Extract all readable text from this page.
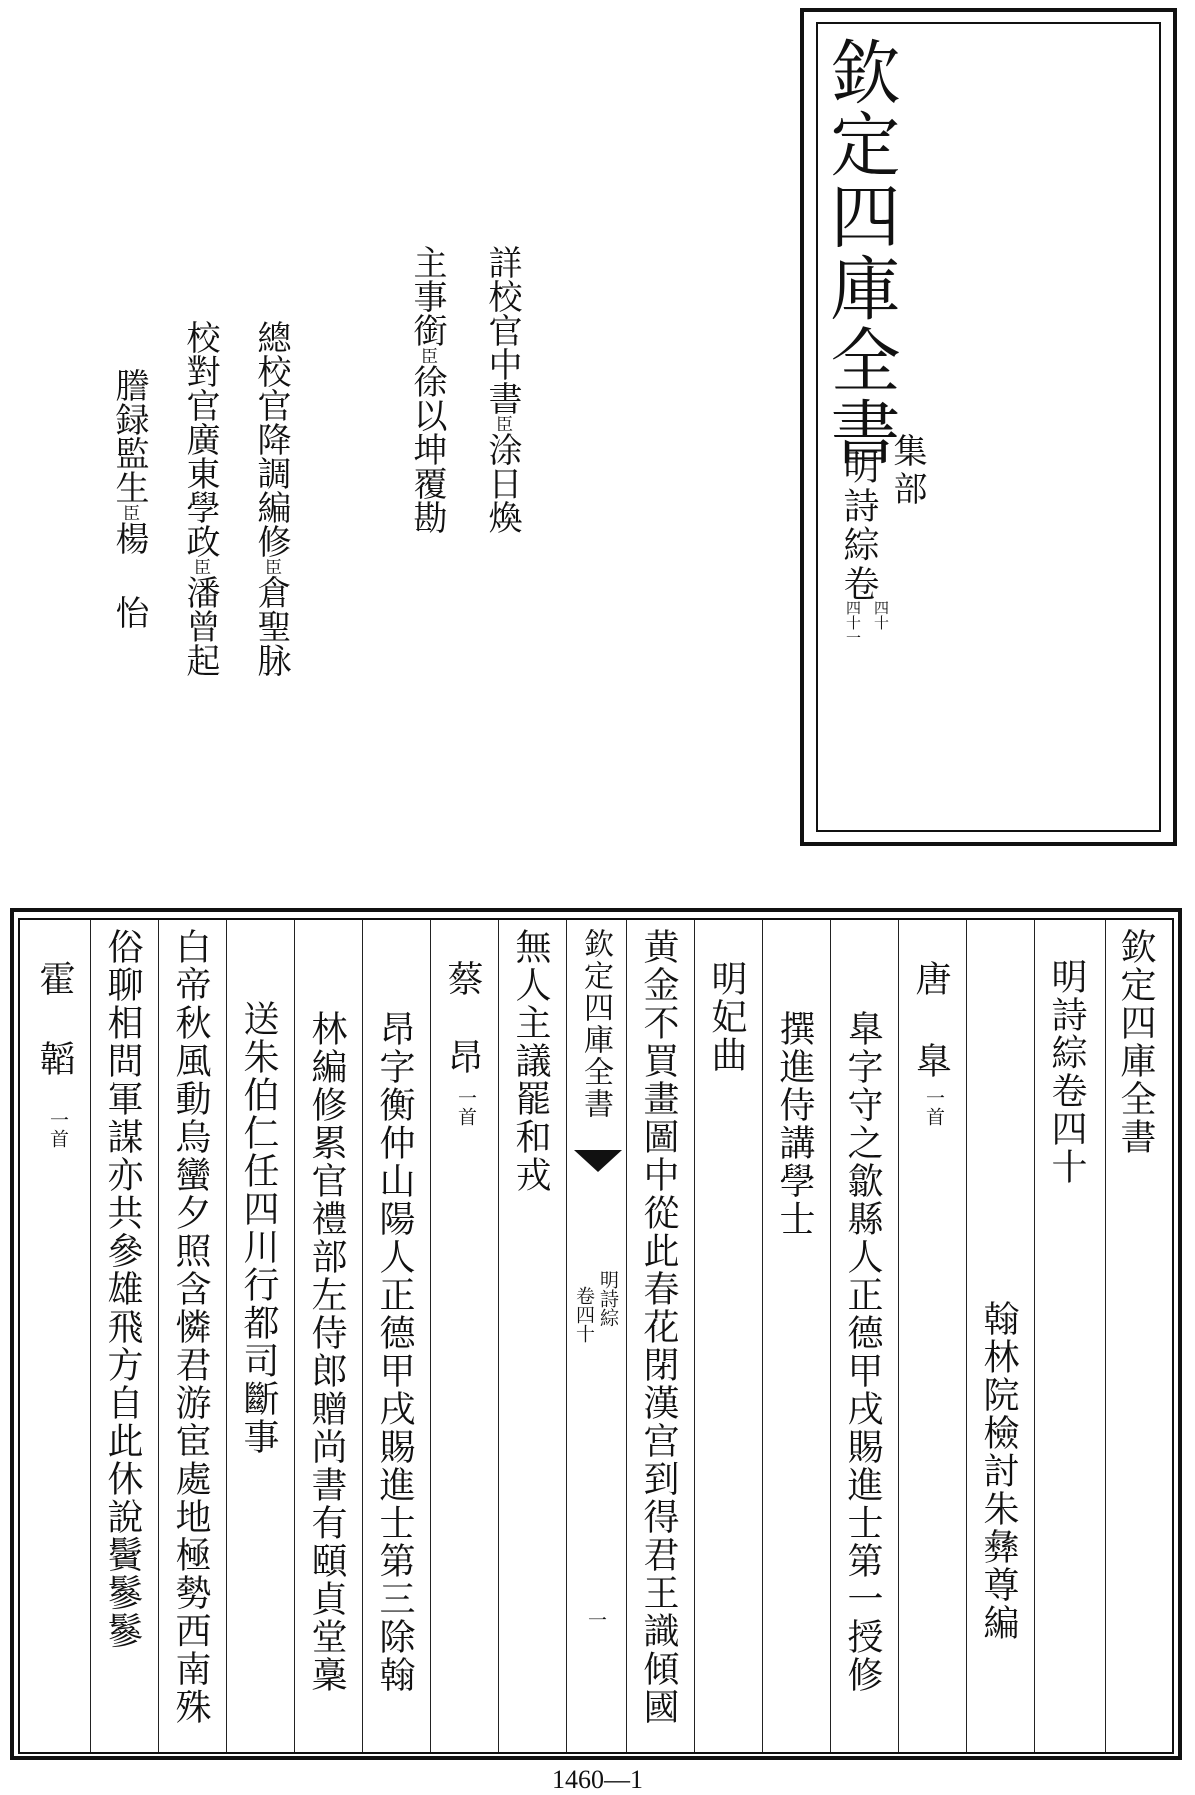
欽定四庫全書
集部
明詩綜卷
四十
四十一
詳校官中書臣涂日煥
主事銜臣徐以坤覆勘
總校官降調編修臣倉聖脉
校對官廣東學政臣潘曾起
謄録監生臣楊 怡
欽定四庫全書
明詩綜卷四十
翰林院檢討朱彝尊編
唐
臯
一首
臯字守之歙縣人正德甲戌賜進士第一授修
撰進侍講學士
明妃曲
黄金不買畫圖中從此春花閉漢宫到得君王識傾國
欽定四庫全書
明詩綜
卷四十
一
無人主議罷和戎
蔡
昂
一首
昂字衡仲山陽人正德甲戌賜進士第三除翰
林編修累官禮部左侍郎贈尚書有頤貞堂稾
送朱伯仁任四川行都司斷事
白帝秋風動烏蠻夕照含憐君游宦處地極勢西南殊
俗聊相問軍謀亦共參雄飛方自此休說鬢鬖鬖
霍
韜
一首
1460—1
